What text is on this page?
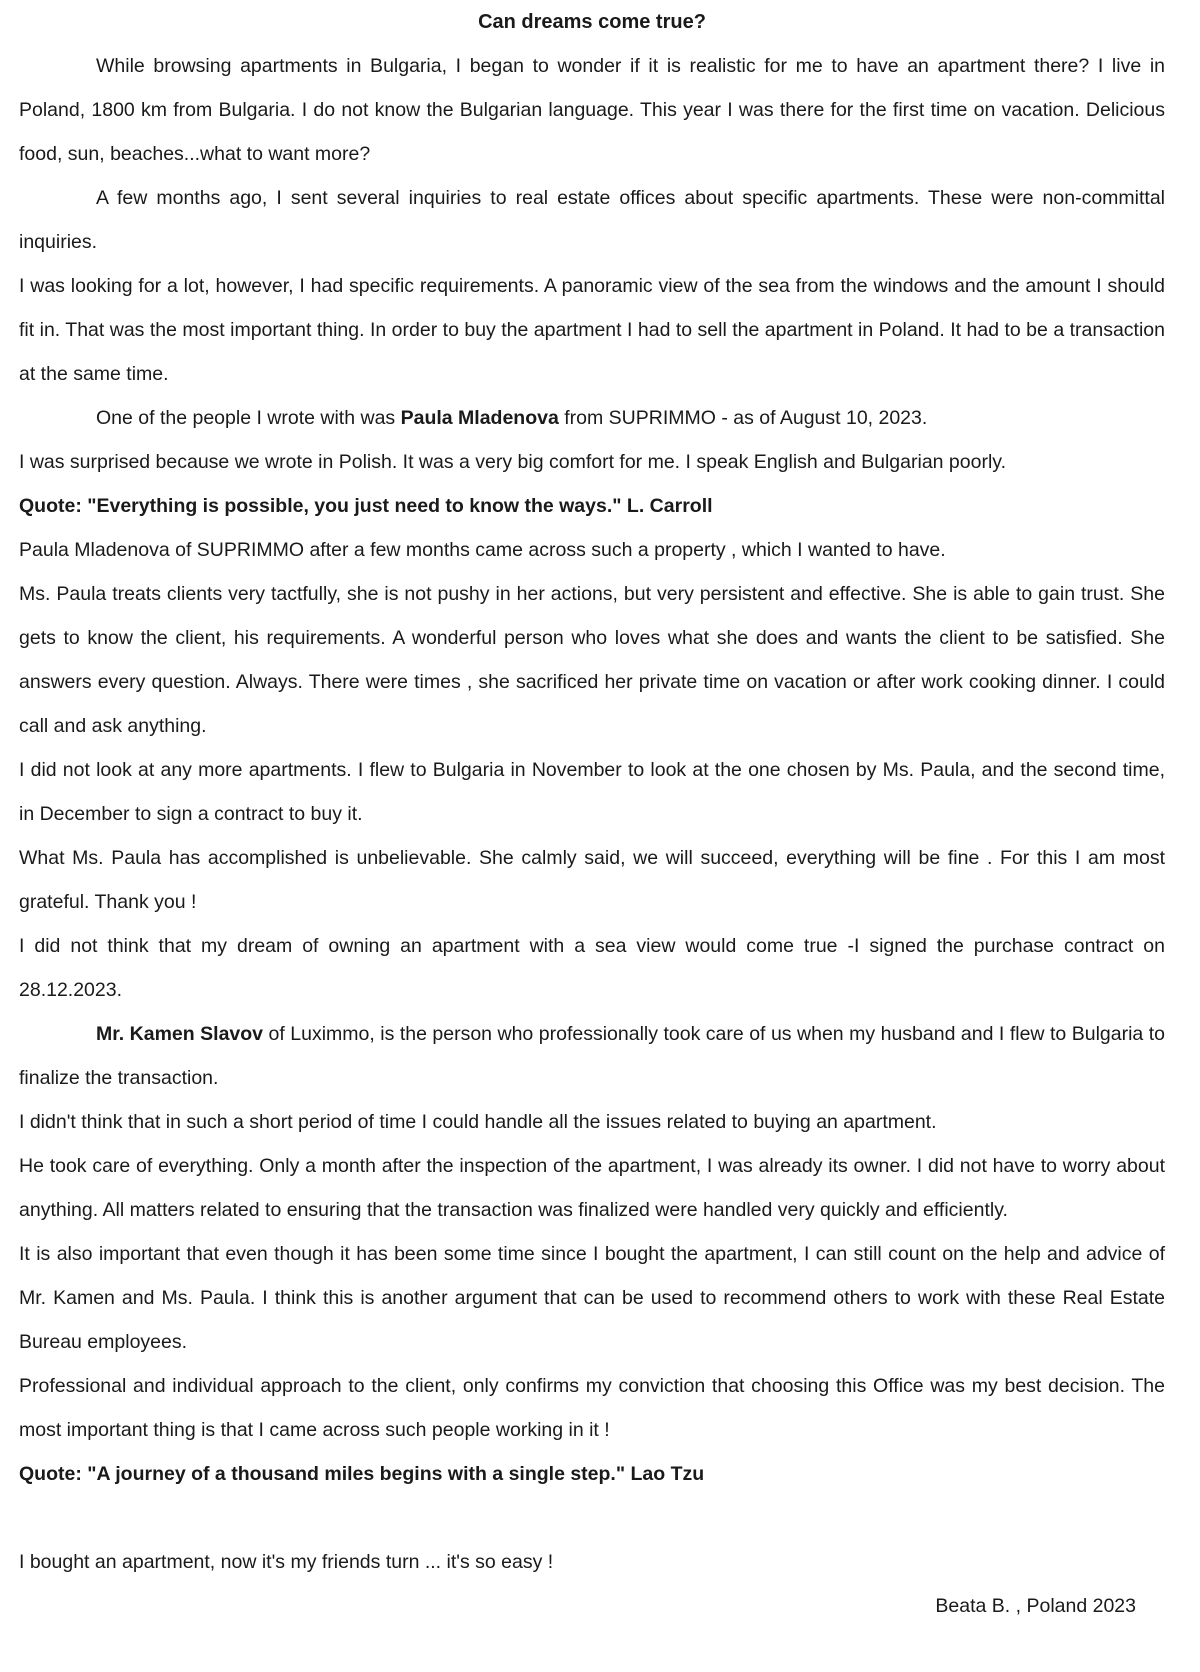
Can dreams come true?

While browsing apartments in Bulgaria, I began to wonder if it is realistic for me to have an apartment there? I live in Poland, 1800 km from Bulgaria. I do not know the Bulgarian language. This year I was there for the first time on vacation. Delicious food, sun, beaches...what to want more?

A few months ago, I sent several inquiries to real estate offices about specific apartments. These were non-committal inquiries.

I was looking for a lot, however, I had specific requirements. A panoramic view of the sea from the windows and the amount I should fit in. That was the most important thing. In order to buy the apartment I had to sell the apartment in Poland. It had to be a transaction at the same time.

One of the people I wrote with was Paula Mladenova from SUPRIMMO - as of August 10, 2023.

I was surprised because we wrote in Polish. It was a very big comfort for me. I speak English and Bulgarian poorly.

Quote: "Everything is possible, you just need to know the ways." L. Carroll

Paula Mladenova of SUPRIMMO after a few months came across such a property , which I wanted to have.

Ms. Paula treats clients very tactfully, she is not pushy in her actions, but very persistent and effective. She is able to gain trust. She gets to know the client, his requirements. A wonderful person who loves what she does and wants the client to be satisfied. She answers every question. Always. There were times , she sacrificed her private time on vacation or after work cooking dinner. I could call and ask anything.

I did not look at any more apartments. I flew to Bulgaria in November to look at the one chosen by Ms. Paula, and the second time, in December to sign a contract to buy it.

What Ms. Paula has accomplished is unbelievable. She calmly said, we will succeed, everything will be fine . For this I am most grateful. Thank you !

I did not think that my dream of owning an apartment with a sea view would come true -I signed the purchase contract on 28.12.2023.

Mr. Kamen Slavov of Luximmo, is the person who professionally took care of us when my husband and I flew to Bulgaria to finalize the transaction.

I didn't think that in such a short period of time I could handle all the issues related to buying an apartment.

He took care of everything. Only a month after the inspection of the apartment, I was already its owner. I did not have to worry about anything. All matters related to ensuring that the transaction was finalized were handled very quickly and efficiently.

It is also important that even though it has been some time since I bought the apartment, I can still count on the help and advice of Mr. Kamen and Ms. Paula. I think this is another argument that can be used to recommend others to work with these Real Estate Bureau employees.

Professional and individual approach to the client, only confirms my conviction that choosing this Office was my best decision. The most important thing is that I came across such people working in it !

Quote: "A journey of a thousand miles begins with a single step." Lao Tzu

I bought an apartment, now it's my friends turn ... it's so easy !

Beata B. , Poland 2023
